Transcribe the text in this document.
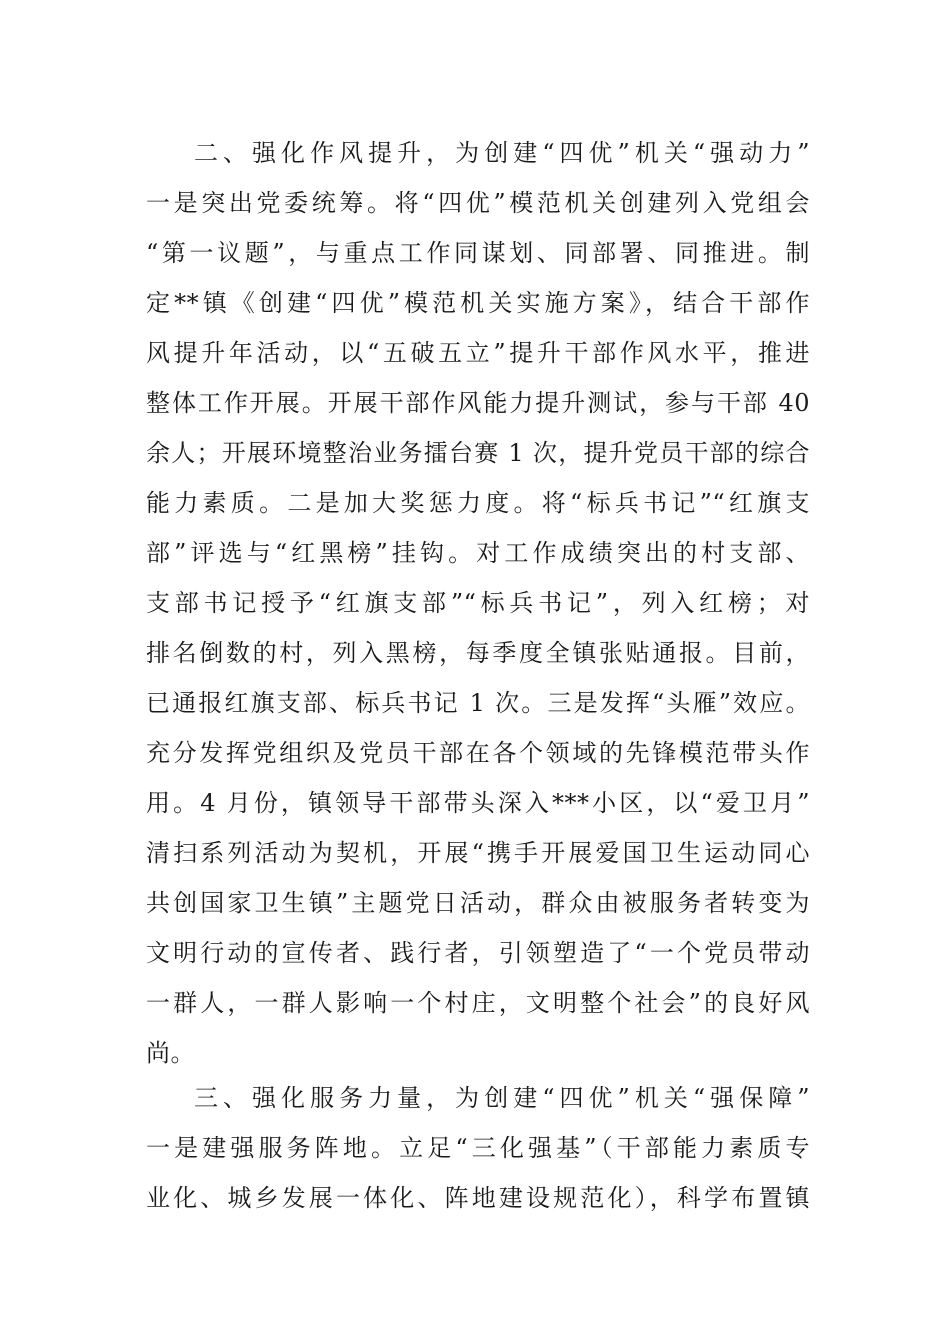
二、强化作风提升，为创建“四优”机关“强动力”
一是突出党委统筹。将“四优”模范机关创建列入党组会
“第一议题”，与重点工作同谋划、同部署、同推进。制
定**镇《创建“四优”模范机关实施方案》，结合干部作
风提升年活动，以“五破五立”提升干部作风水平，推进
整体工作开展。开展干部作风能力提升测试，参与干部 40
余人；开展环境整治业务擂台赛 1 次，提升党员干部的综合
能力素质。二是加大奖惩力度。将“标兵书记”“红旗支
部”评选与“红黑榜”挂钩。对工作成绩突出的村支部、
支部书记授予“红旗支部”“标兵书记”，列入红榜；对
排名倒数的村，列入黑榜，每季度全镇张贴通报。目前，
已通报红旗支部、标兵书记 1 次。三是发挥“头雁”效应。
充分发挥党组织及党员干部在各个领域的先锋模范带头作
用。4 月份，镇领导干部带头深入***小区，以“爱卫月”
清扫系列活动为契机，开展“携手开展爱国卫生运动同心
共创国家卫生镇”主题党日活动，群众由被服务者转变为
文明行动的宣传者、践行者，引领塑造了“一个党员带动
一群人，一群人影响一个村庄，文明整个社会”的良好风
尚。
三、强化服务力量，为创建“四优”机关“强保障”
一是建强服务阵地。立足“三化强基”（干部能力素质专
业化、城乡发展一体化、阵地建设规范化），科学布置镇
